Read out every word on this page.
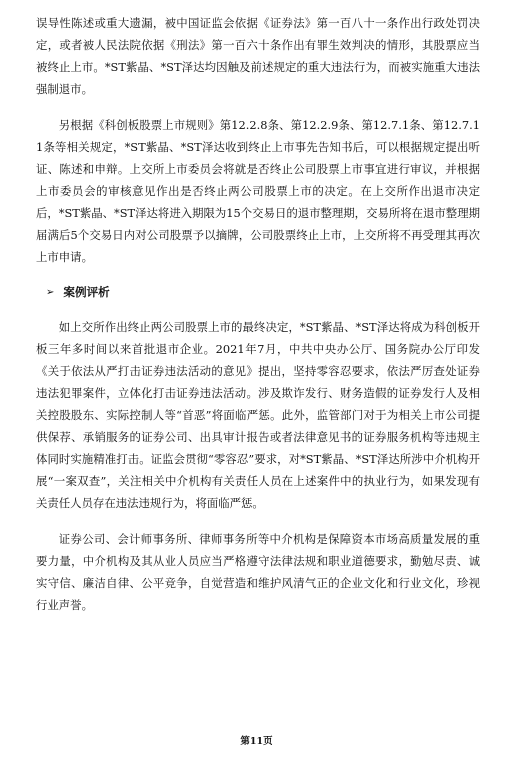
误导性陈述或重大遗漏，被中国证监会依据《证券法》第一百八十一条作出行政处罚决定，或者被人民法院依据《刑法》第一百六十条作出有罪生效判决的情形，其股票应当被终止上市。*ST紫晶、*ST泽达均因触及前述规定的重大违法行为，而被实施重大违法强制退市。

另根据《科创板股票上市规则》第12.2.8条、第12.2.9条、第12.7.1条、第12.7.11条等相关规定，*ST紫晶、*ST泽达收到终止上市事先告知书后，可以根据规定提出听证、陈述和申辩。上交所上市委员会将就是否终止公司股票上市事宜进行审议，并根据上市委员会的审核意见作出是否终止两公司股票上市的决定。在上交所作出退市决定后，*ST紫晶、*ST泽达将进入期限为15个交易日的退市整理期，交易所将在退市整理期届满后5个交易日内对公司股票予以摘牌，公司股票终止上市，上交所将不再受理其再次上市申请。

➢ 案例评析

如上交所作出终止两公司股票上市的最终决定，*ST紫晶、*ST泽达将成为科创板开板三年多时间以来首批退市企业。2021年7月，中共中央办公厅、国务院办公厅印发《关于依法从严打击证券违法活动的意见》提出，坚持零容忍要求，依法严厉查处证券违法犯罪案件，立体化打击证券违法活动。涉及欺诈发行、财务造假的证券发行人及相关控股股东、实际控制人等“首恶”将面临严惩。此外，监管部门对于为相关上市公司提供保荐、承销服务的证券公司、出具审计报告或者法律意见书的证券服务机构等违规主体同时实施精准打击。证监会贯彻“零容忍”要求，对*ST紫晶、*ST泽达所涉中介机构开展“一案双查”，关注相关中介机构有关责任人员在上述案件中的执业行为，如果发现有关责任人员存在违法违规行为，将面临严惩。

证券公司、会计师事务所、律师事务所等中介机构是保障资本市场高质量发展的重要力量，中介机构及其从业人员应当严格遵守法律法规和职业道德要求，勤勉尽责、诚实守信、廉洁自律、公平竞争，自觉营造和维护风清气正的企业文化和行业文化，珍视行业声誉。

第11页
